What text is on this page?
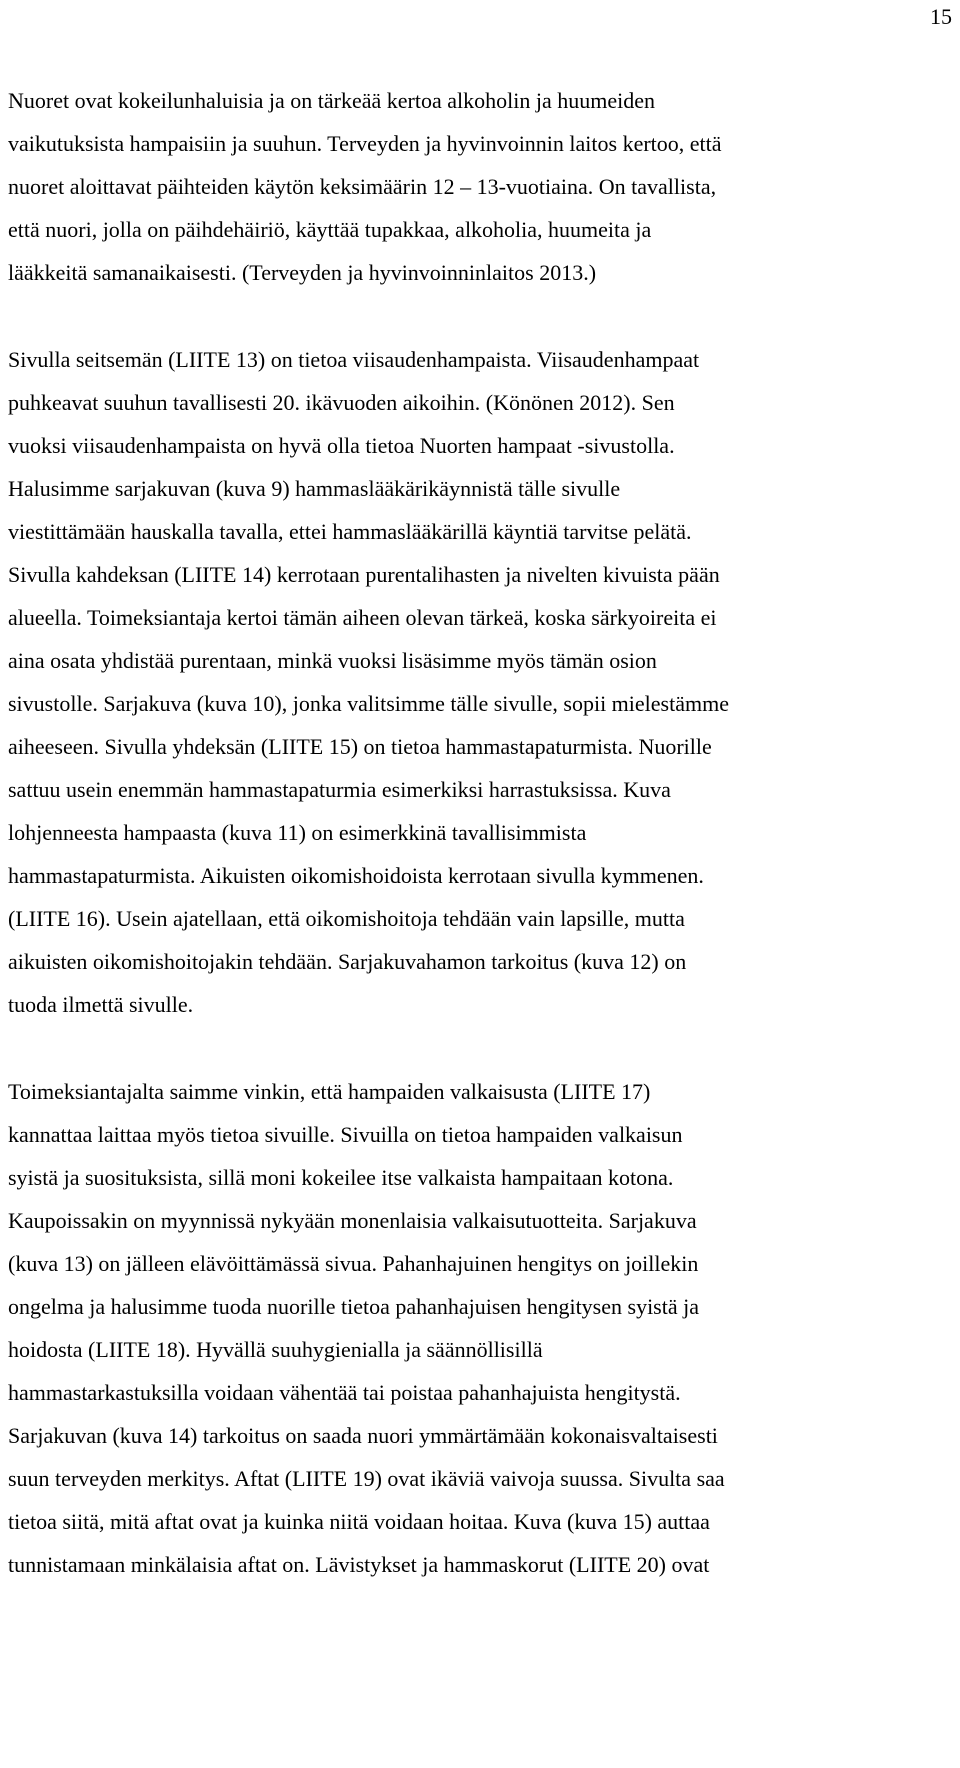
15

Nuoret ovat kokeilunhaluisia ja on tärkeää kertoa alkoholin ja huumeiden
vaikutuksista hampaisiin ja suuhun. Terveyden ja hyvinvoinnin laitos kertoo, että
nuoret aloittavat päihteiden käytön keksimäärin 12 – 13-vuotiaina. On tavallista,
että nuori, jolla on päihdehäiriö, käyttää tupakkaa, alkoholia, huumeita ja
lääkkeitä samanaikaisesti. (Terveyden ja hyvinvoinninlaitos 2013.)

Sivulla seitsemän (LIITE 13) on tietoa viisaudenhampaista. Viisaudenhampaat
puhkeavat suuhun tavallisesti 20. ikävuoden aikoihin. (Könönen 2012). Sen
vuoksi viisaudenhampaista on hyvä olla tietoa Nuorten hampaat -sivustolla.
Halusimme sarjakuvan (kuva 9) hammaslääkärikäynnistä tälle sivulle
viestittämään hauskalla tavalla, ettei hammaslääkärillä käyntiä tarvitse pelätä.
Sivulla kahdeksan (LIITE 14) kerrotaan purentalihasten ja nivelten kivuista pään
alueella. Toimeksiantaja kertoi tämän aiheen olevan tärkeä, koska särkyoireita ei
aina osata yhdistää purentaan, minkä vuoksi lisäsimme myös tämän osion
sivustolle. Sarjakuva (kuva 10), jonka valitsimme tälle sivulle, sopii mielestämme
aiheeseen. Sivulla yhdeksän (LIITE 15) on tietoa hammastapaturmista. Nuorille
sattuu usein enemmän hammastapaturmia esimerkiksi harrastuksissa. Kuva
lohjenneesta hampaasta (kuva 11) on esimerkkinä tavallisimmista
hammastapaturmista. Aikuisten oikomishoidoista kerrotaan sivulla kymmenen.
(LIITE 16). Usein ajatellaan, että oikomishoitoja tehdään vain lapsille, mutta
aikuisten oikomishoitojakin tehdään. Sarjakuvahamon tarkoitus (kuva 12) on
tuoda ilmettä sivulle.

Toimeksiantajalta saimme vinkin, että hampaiden valkaisusta (LIITE 17)
kannattaa laittaa myös tietoa sivuille. Sivuilla on tietoa hampaiden valkaisun
syistä ja suosituksista, sillä moni kokeilee itse valkaista hampaitaan kotona.
Kaupoissakin on myynnissä nykyään monenlaisia valkaisutuotteita. Sarjakuva
(kuva 13) on jälleen elävöittämässä sivua. Pahanhajuinen hengitys on joillekin
ongelma ja halusimme tuoda nuorille tietoa pahanhajuisen hengitysen syistä ja
hoidosta (LIITE 18). Hyvällä suuhygienialla ja säännöllisillä
hammastarkastuksilla voidaan vähentää tai poistaa pahanhajuista hengitystä.
Sarjakuvan (kuva 14) tarkoitus on saada nuori ymmärtämään kokonaisvaltaisesti
suun terveyden merkitys. Aftat (LIITE 19) ovat ikäviä vaivoja suussa. Sivulta saa
tietoa siitä, mitä aftat ovat ja kuinka niitä voidaan hoitaa. Kuva (kuva 15) auttaa
tunnistamaan minkälaisia aftat on. Lävistykset ja hammaskorut (LIITE 20) ovat
